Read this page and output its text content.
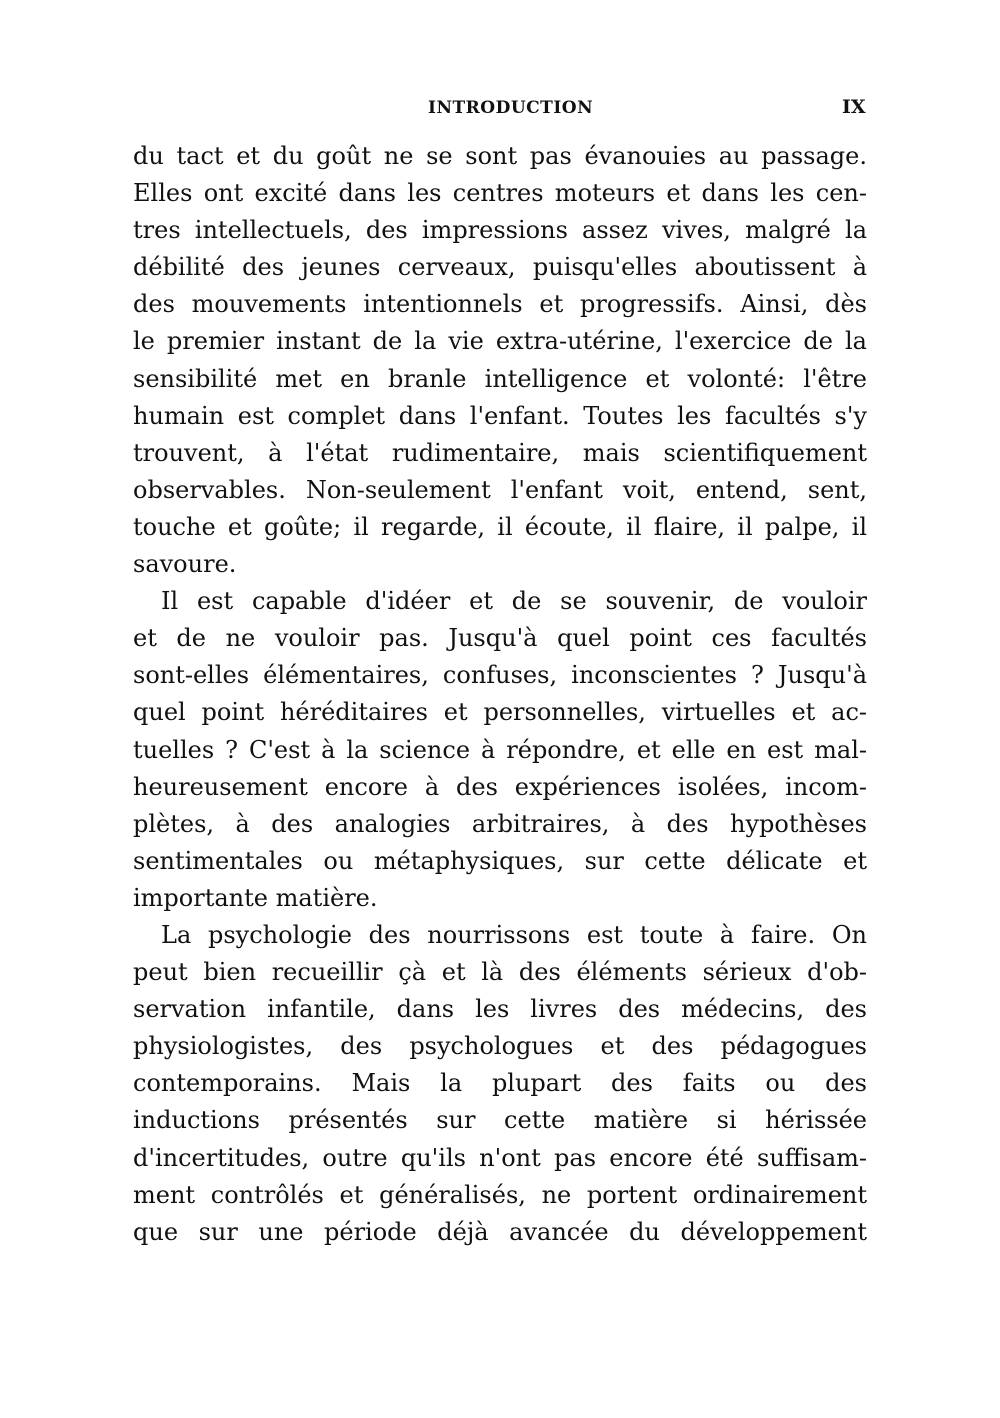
INTRODUCTION	IX
du tact et du goût ne se sont pas évanouies au passage.
Elles ont excité dans les centres moteurs et dans les cen-
tres intellectuels, des impressions assez vives, malgré la
débilité des jeunes cerveaux, puisqu'elles aboutissent à
des mouvements intentionnels et progressifs. Ainsi, dès
le premier instant de la vie extra-utérine, l'exercice de la
sensibilité met en branle intelligence et volonté: l'être
humain est complet dans l'enfant. Toutes les facultés s'y
trouvent, à l'état rudimentaire, mais scientifiquement
observables. Non-seulement l'enfant voit, entend, sent,
touche et goûte; il regarde, il écoute, il flaire, il palpe, il
savoure.
Il est capable d'idéer et de se souvenir, de vouloir
et de ne vouloir pas. Jusqu'à quel point ces facultés
sont-elles élémentaires, confuses, inconscientes ? Jusqu'à
quel point héréditaires et personnelles, virtuelles et ac-
tuelles ? C'est à la science à répondre, et elle en est mal-
heureusement encore à des expériences isolées, incom-
plètes, à des analogies arbitraires, à des hypothèses
sentimentales ou métaphysiques, sur cette délicate et
importante matière.
La psychologie des nourrissons est toute à faire. On
peut bien recueillir çà et là des éléments sérieux d'ob-
servation infantile, dans les livres des médecins, des
physiologistes, des psychologues et des pédagogues
contemporains. Mais la plupart des faits ou des
inductions présentés sur cette matière si hérissée
d'incertitudes, outre qu'ils n'ont pas encore été suffisam-
ment contrôlés et généralisés, ne portent ordinairement
que sur une période déjà avancée du développement
